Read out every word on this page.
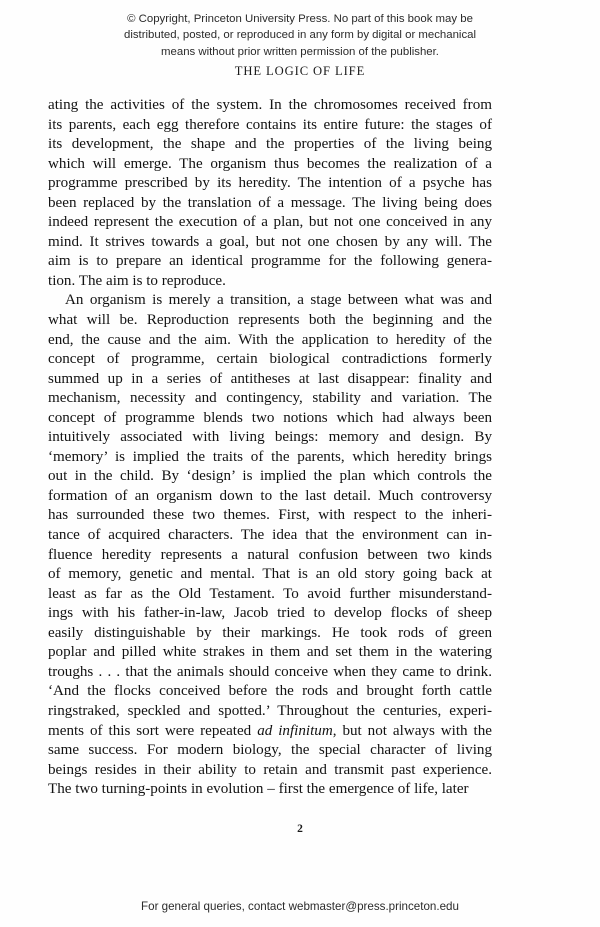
© Copyright, Princeton University Press. No part of this book may be
distributed, posted, or reproduced in any form by digital or mechanical
means without prior written permission of the publisher.
THE LOGIC OF LIFE

ating the activities of the system. In the chromosomes received from
its parents, each egg therefore contains its entire future: the stages of
its development, the shape and the properties of the living being
which will emerge. The organism thus becomes the realization of a
programme prescribed by its heredity. The intention of a psyche has
been replaced by the translation of a message. The living being does
indeed represent the execution of a plan, but not one conceived in any
mind. It strives towards a goal, but not one chosen by any will. The
aim is to prepare an identical programme for the following genera-
tion. The aim is to reproduce.

An organism is merely a transition, a stage between what was and
what will be. Reproduction represents both the beginning and the
end, the cause and the aim. With the application to heredity of the
concept of programme, certain biological contradictions formerly
summed up in a series of antitheses at last disappear: finality and
mechanism, necessity and contingency, stability and variation. The
concept of programme blends two notions which had always been
intuitively associated with living beings: memory and design. By
‘memory’ is implied the traits of the parents, which heredity brings
out in the child. By ‘design’ is implied the plan which controls the
formation of an organism down to the last detail. Much controversy
has surrounded these two themes. First, with respect to the inheri-
tance of acquired characters. The idea that the environment can in-
fluence heredity represents a natural confusion between two kinds
of memory, genetic and mental. That is an old story going back at
least as far as the Old Testament. To avoid further misunderstand-
ings with his father-in-law, Jacob tried to develop flocks of sheep
easily distinguishable by their markings. He took rods of green
poplar and pilled white strakes in them and set them in the watering
troughs . . . that the animals should conceive when they came to drink.
‘And the flocks conceived before the rods and brought forth cattle
ringstraked, speckled and spotted.’ Throughout the centuries, experi-
ments of this sort were repeated ad infinitum, but not always with the
same success. For modern biology, the special character of living
beings resides in their ability to retain and transmit past experience.
The two turning-points in evolution – first the emergence of life, later

2
For general queries, contact webmaster@press.princeton.edu
